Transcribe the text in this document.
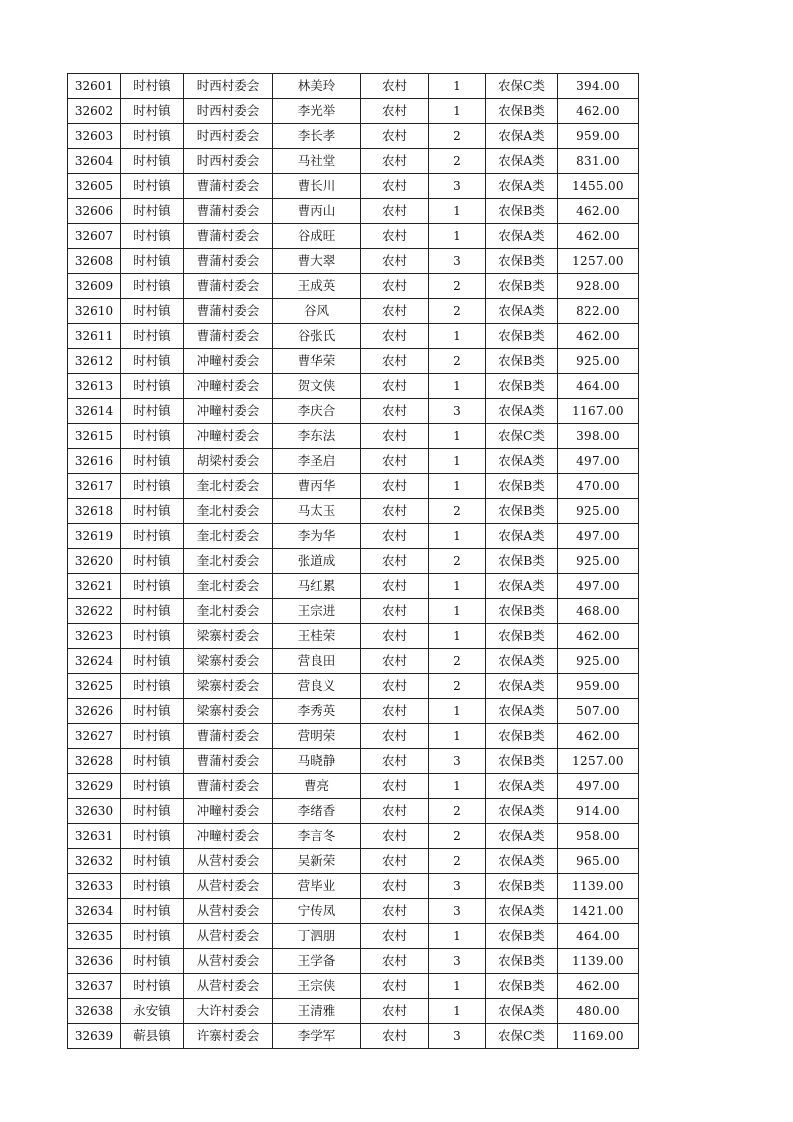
32601	时村镇	时西村委会	林美玲	农村	1	农保C类	394.00
32602	时村镇	时西村委会	李光举	农村	1	农保B类	462.00
32603	时村镇	时西村委会	李长孝	农村	2	农保A类	959.00
32604	时村镇	时西村委会	马社堂	农村	2	农保A类	831.00
32605	时村镇	曹蒲村委会	曹长川	农村	3	农保A类	1455.00
32606	时村镇	曹蒲村委会	曹丙山	农村	1	农保B类	462.00
32607	时村镇	曹蒲村委会	谷成旺	农村	1	农保A类	462.00
32608	时村镇	曹蒲村委会	曹大翠	农村	3	农保B类	1257.00
32609	时村镇	曹蒲村委会	王成英	农村	2	农保B类	928.00
32610	时村镇	曹蒲村委会	谷风	农村	2	农保A类	822.00
32611	时村镇	曹蒲村委会	谷张氏	农村	1	农保B类	462.00
32612	时村镇	冲疃村委会	曹华荣	农村	2	农保B类	925.00
32613	时村镇	冲疃村委会	贺文侠	农村	1	农保B类	464.00
32614	时村镇	冲疃村委会	李庆合	农村	3	农保A类	1167.00
32615	时村镇	冲疃村委会	李东法	农村	1	农保C类	398.00
32616	时村镇	胡梁村委会	李圣启	农村	1	农保A类	497.00
32617	时村镇	奎北村委会	曹丙华	农村	1	农保B类	470.00
32618	时村镇	奎北村委会	马太玉	农村	2	农保B类	925.00
32619	时村镇	奎北村委会	李为华	农村	1	农保A类	497.00
32620	时村镇	奎北村委会	张道成	农村	2	农保B类	925.00
32621	时村镇	奎北村委会	马红累	农村	1	农保A类	497.00
32622	时村镇	奎北村委会	王宗进	农村	1	农保B类	468.00
32623	时村镇	梁寨村委会	王桂荣	农村	1	农保B类	462.00
32624	时村镇	梁寨村委会	营良田	农村	2	农保A类	925.00
32625	时村镇	梁寨村委会	营良义	农村	2	农保A类	959.00
32626	时村镇	梁寨村委会	李秀英	农村	1	农保A类	507.00
32627	时村镇	曹蒲村委会	营明荣	农村	1	农保B类	462.00
32628	时村镇	曹蒲村委会	马晓静	农村	3	农保B类	1257.00
32629	时村镇	曹蒲村委会	曹亮	农村	1	农保A类	497.00
32630	时村镇	冲疃村委会	李绪香	农村	2	农保A类	914.00
32631	时村镇	冲疃村委会	李言冬	农村	2	农保A类	958.00
32632	时村镇	从营村委会	吴新荣	农村	2	农保A类	965.00
32633	时村镇	从营村委会	营毕业	农村	3	农保B类	1139.00
32634	时村镇	从营村委会	宁传凤	农村	3	农保A类	1421.00
32635	时村镇	从营村委会	丁泗朋	农村	1	农保B类	464.00
32636	时村镇	从营村委会	王学备	农村	3	农保B类	1139.00
32637	时村镇	从营村委会	王宗侠	农村	1	农保B类	462.00
32638	永安镇	大许村委会	王清雅	农村	1	农保A类	480.00
32639	蕲县镇	许寨村委会	李学军	农村	3	农保C类	1169.00
